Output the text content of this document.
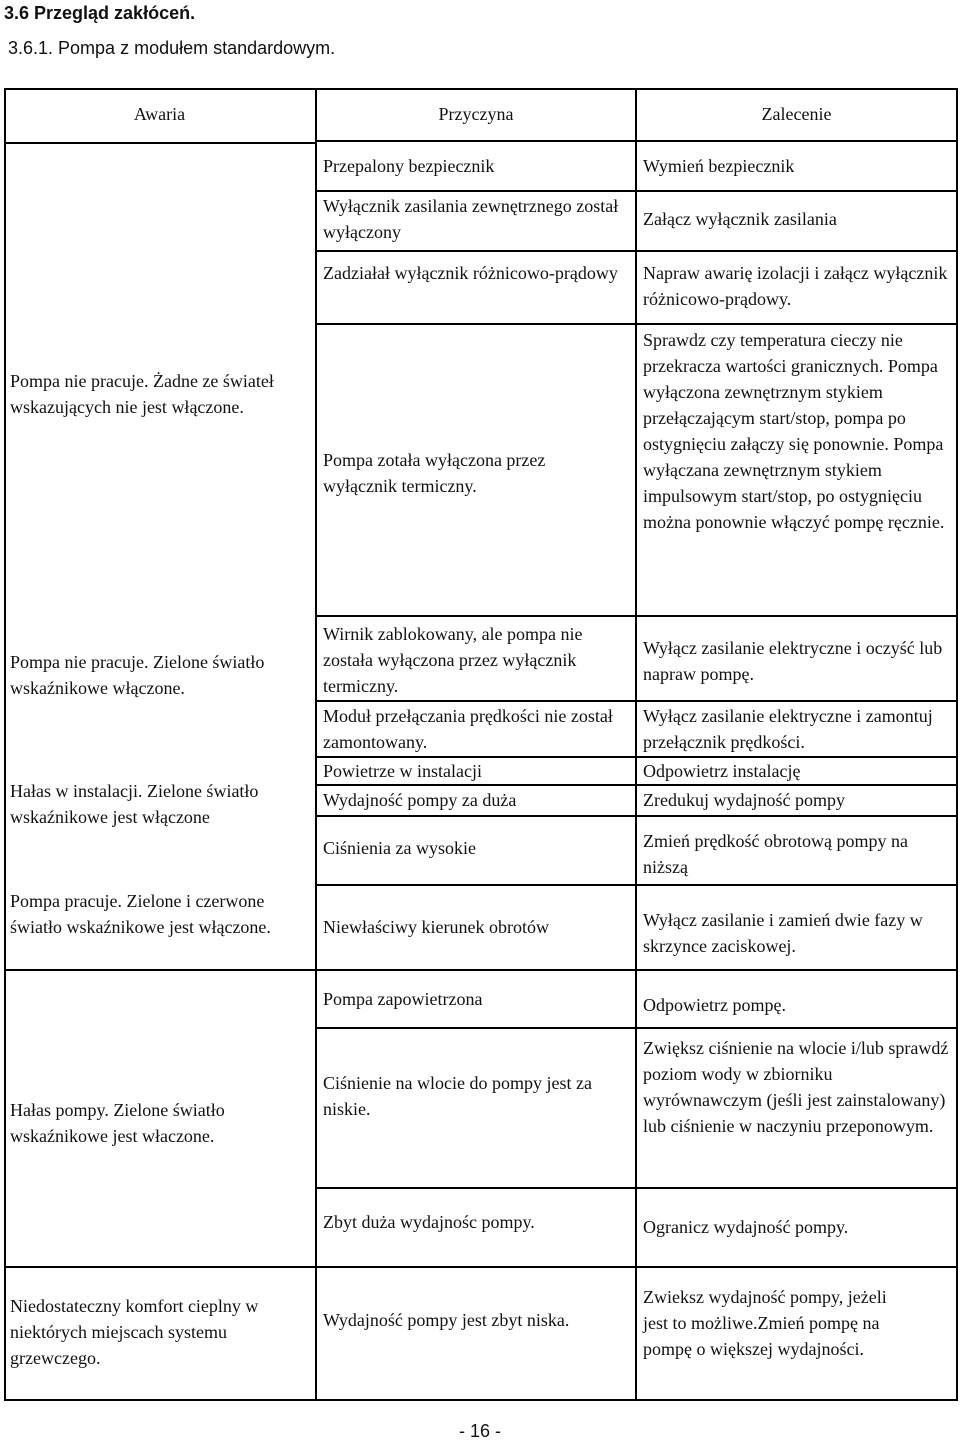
3.6 Przegląd zakłóceń.
3.6.1. Pompa z modułem standardowym.
Awaria	Przyczyna	Zalecenie
Pompa nie pracuje. Żadne ze świateł wskazujących nie jest włączone.
Pompa nie pracuje. Zielone światło wskaźnikowe włączone.
Hałas w instalacji. Zielone światło wskaźnikowe jest włączone
Pompa pracuje. Zielone i czerwone światło wskaźnikowe jest włączone.
Hałas pompy. Zielone światło wskaźnikowe jest właczone.
Niedostateczny komfort cieplny w niektórych miejscach systemu grzewczego.
Przepalony bezpiecznik
Wyłącznik zasilania zewnętrznego został wyłączony
Zadziałał wyłącznik różnicowo-prądowy
Pompa zotała wyłączona przez wyłącznik termiczny.
Wirnik zablokowany, ale pompa nie została wyłączona przez wyłącznik termiczny.
Moduł przełączania prędkości nie został zamontowany.
Powietrze w instalacji
Wydajność pompy za duża
Ciśnienia za wysokie
Niewłaściwy kierunek obrotów
Pompa zapowietrzona
Ciśnienie na wlocie do pompy jest za niskie.
Zbyt duża wydajnośc pompy.
Wydajność pompy jest zbyt niska.
Wymień bezpiecznik
Załącz wyłącznik zasilania
Napraw awarię izolacji i załącz wyłącznik różnicowo-prądowy.
Sprawdz czy temperatura cieczy nie przekracza wartości granicznych. Pompa wyłączona zewnętrznym stykiem przełączającym start/stop, pompa po ostygnięciu załączy się ponownie. Pompa wyłączana zewnętrznym stykiem impulsowym start/stop, po ostygnięciu można ponownie włączyć pompę ręcznie.
Wyłącz zasilanie elektryczne i oczyść lub napraw pompę.
Wyłącz zasilanie elektryczne i zamontuj przełącznik prędkości.
Odpowietrz instalację
Zredukuj wydajność pompy
Zmień prędkość obrotową pompy na niższą
Wyłącz zasilanie i zamień dwie fazy w skrzynce zaciskowej.
Odpowietrz pompę.
Zwiększ ciśnienie na wlocie i/lub sprawdź poziom wody w zbiorniku wyrównawczym (jeśli jest zainstalowany) lub ciśnienie w naczyniu przeponowym.
Ogranicz wydajność pompy.
Zwieksz wydajność pompy, jeżeli jest to możliwe.Zmień pompę na pompę o większej wydajności.
- 16 -
